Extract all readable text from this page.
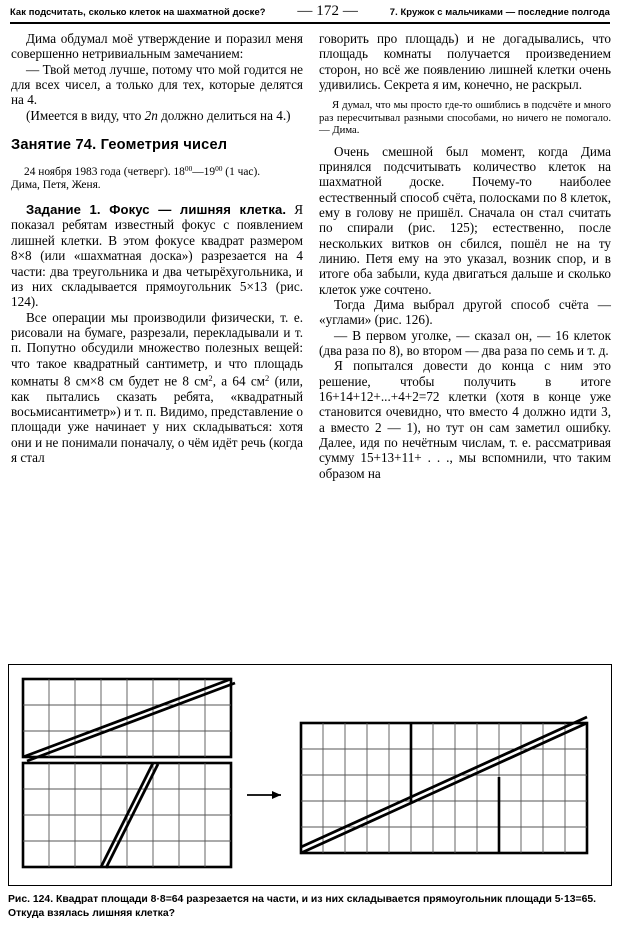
Как подсчитать, сколько клеток на шахматной доске? — 172 —	7. Кружок с мальчиками — последние полгода

Дима обдумал моё утверждение и поразил меня совершенно нетривиальным замечанием:

— Твой метод лучше, потому что мой годится не для всех чисел, а только для тех, которые делятся на 4.

(Имеется в виду, что 2n должно делиться на 4.)

Занятие 74. Геометрия чисел

24 ноября 1983 года (четверг). $18^{00}—19^{00}$ (1 час).
Дима, Петя, Женя.

Задание 1. Фокус — лишняя клетка. Я показал ребятам известный фокус с появлением лишней клетки. В этом фокусе квадрат размером 8×8 (или «шахматная доска») разрезается на 4 части: два треугольника и два четырёхугольника, и из них складывается прямоугольник 5×13 (рис. 124).

Все операции мы производили физически, т. е. рисовали на бумаге, разрезали, перекладывали и т. п. Попутно обсудили множество полезных вещей: что такое квадратный сантиметр, и что площадь комнаты 8 см×8 см будет не 8 $см^2$, а 64 $см^2$ (или, как пытались сказать ребята, «квадратный восьмисантиметр») и т. п. Видимо, представление о площади уже начинает у них складываться: хотя они и не понимали поначалу, о чём идёт речь (когда я стал

говорить про площадь) и не догадывались, что площадь комнаты получается произведением сторон, но всё же появлению лишней клетки очень удивились. Секрета я им, конечно, не раскрыл.

Я думал, что мы просто где-то ошиблись в подсчёте и много раз пересчитывал разными способами, но ничего не помогало. — Дима.

Очень смешной был момент, когда Дима принялся подсчитывать количество клеток на шахматной доске. Почему-то наиболее естественный способ счёта, полосками по 8 клеток, ему в голову не пришёл. Сначала он стал считать по спирали (рис. 125); естественно, после нескольких витков он сбился, пошёл не на ту линию. Петя ему на это указал, возник спор, и в итоге оба забыли, куда двигаться дальше и сколько клеток уже сочтено.

Тогда Дима выбрал другой способ счёта — «углами» (рис. 126).

— В первом уголке, — сказал он, — 16 клеток (два раза по 8), во втором — два раза по семь и т. д.

Я попытался довести до конца с ним это решение, чтобы получить в итоге 16+14+12+...+4+2=72 клетки (хотя в конце уже становится очевидно, что вместо 4 должно идти 3, а вместо 2 — 1), но тут он сам заметил ошибку. Далее, идя по нечётным числам, т. е. рассматривая сумму 15+13+11+ . . ., мы вспомнили, что таким образом на

Рис. 124. Квадрат площади 8·8=64 разрезается на части, и из них складывается прямоугольник площади 5·13=65. Откуда взялась лишняя клетка?
